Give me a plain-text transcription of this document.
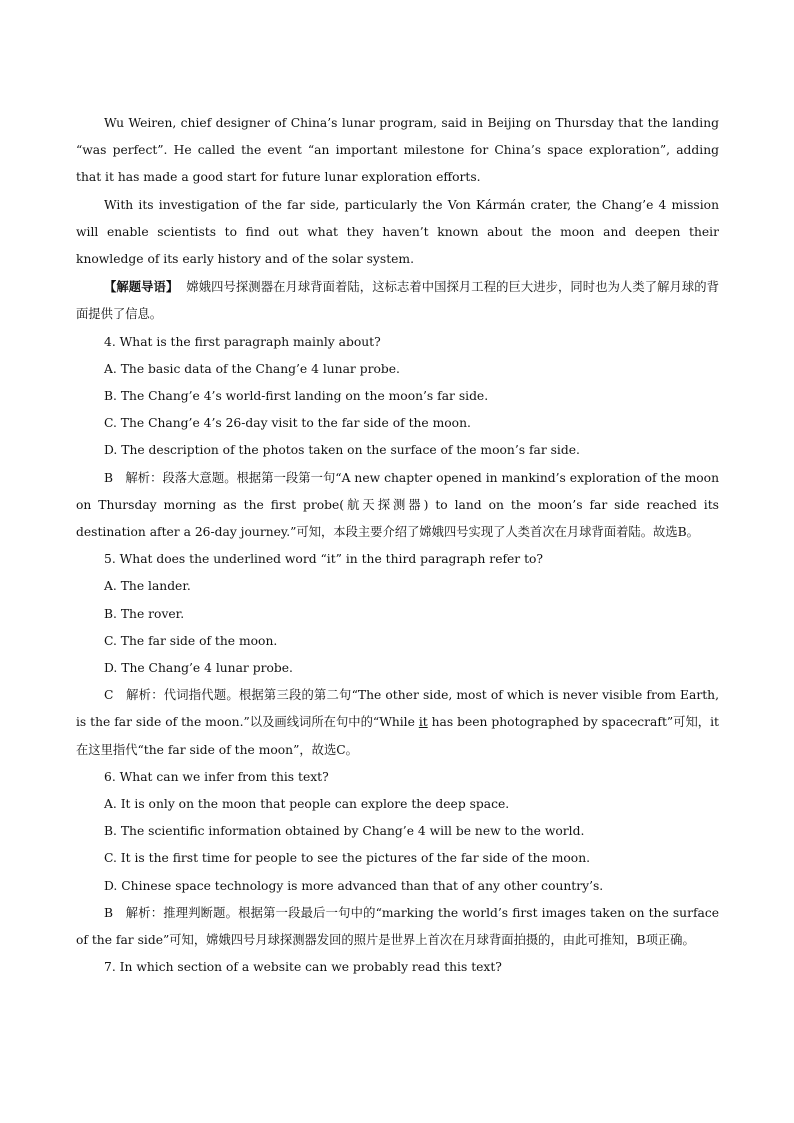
Wu Weiren, chief designer of China’s lunar program, said in Beijing on Thursday that the landing “was perfect”. He called the event “an important milestone for China’s space exploration”, adding that it has made a good start for future lunar exploration efforts.

With its investigation of the far side, particularly the Von Kármán crater, the Chang’e 4 mission will enable scientists to find out what they haven’t known about the moon and deepen their knowledge of its early history and of the solar system.

【解题导语】 嫦娥四号探测器在月球背面着陆，这标志着中国探月工程的巨大进步，同时也为人类了解月球的背面提供了信息。

4. What is the first paragraph mainly about?

A. The basic data of the Chang’e 4 lunar probe.

B. The Chang’e 4’s world-first landing on the moon’s far side.

C. The Chang’e 4’s 26-day visit to the far side of the moon.

D. The description of the photos taken on the surface of the moon’s far side.

B　解析：段落大意题。根据第一段第一句“A new chapter opened in mankind’s exploration of the moon on Thursday morning as the first probe(航天探测器) to land on the moon’s far side reached its destination after a 26-day journey.”可知，本段主要介绍了嫦娥四号实现了人类首次在月球背面着陆。故选B。

5. What does the underlined word “it” in the third paragraph refer to?

A. The lander.

B. The rover.

C. The far side of the moon.

D. The Chang’e 4 lunar probe.

C　解析：代词指代题。根据第三段的第二句“The other side, most of which is never visible from Earth, is the far side of the moon.”以及画线词所在句中的“While it has been photographed by spacecraft”可知，it在这里指代“the far side of the moon”，故选C。

6. What can we infer from this text?

A. It is only on the moon that people can explore the deep space.

B. The scientific information obtained by Chang’e 4 will be new to the world.

C. It is the first time for people to see the pictures of the far side of the moon.

D. Chinese space technology is more advanced than that of any other country’s.

B　解析：推理判断题。根据第一段最后一句中的“marking the world’s first images taken on the surface of the far side”可知，嫦娥四号月球探测器发回的照片是世界上首次在月球背面拍摄的，由此可推知，B项正确。

7. In which section of a website can we probably read this text?
